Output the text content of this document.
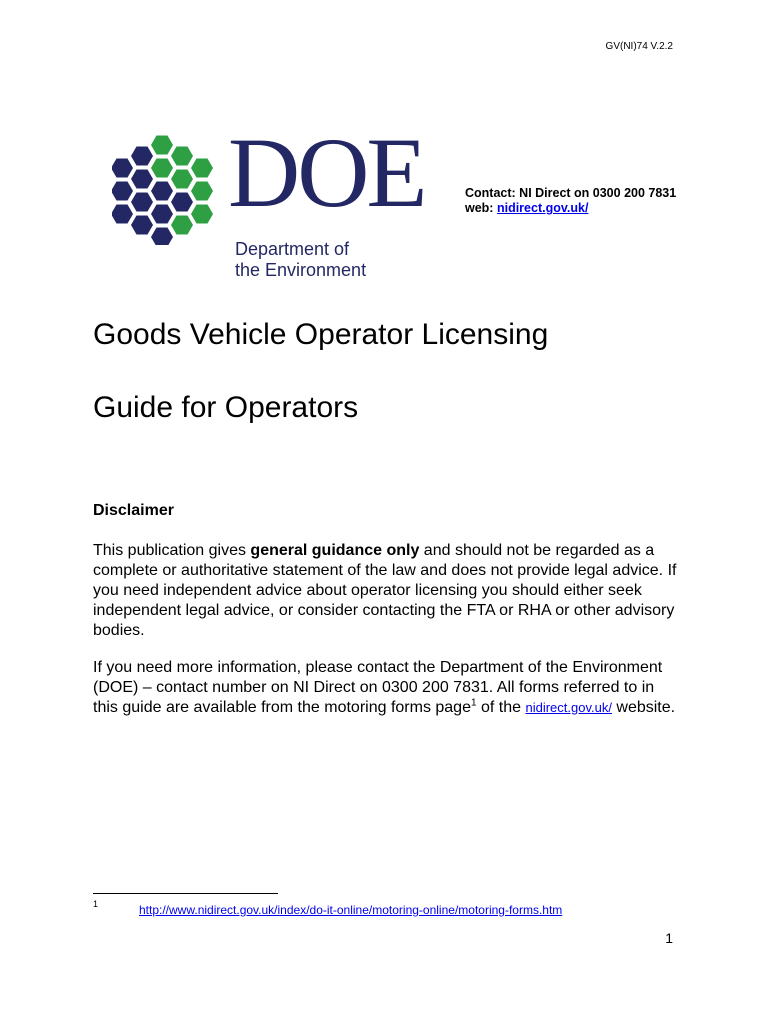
GV(NI)74 V.2.2
DOE
Department of
the Environment
Contact: NI Direct on 0300 200 7831
web: nidirect.gov.uk/
Goods Vehicle Operator Licensing
Guide for Operators
Disclaimer
This publication gives general guidance only and should not be regarded as a complete or authoritative statement of the law and does not provide legal advice. If you need independent advice about operator licensing you should either seek independent legal advice, or consider contacting the FTA or RHA or other advisory bodies.
If you need more information, please contact the Department of the Environment (DOE) – contact number on NI Direct on 0300 200 7831. All forms referred to in this guide are available from the motoring forms page$^1$ of the nidirect.gov.uk/ website.
1	http://www.nidirect.gov.uk/index/do-it-online/motoring-online/motoring-forms.htm
1
